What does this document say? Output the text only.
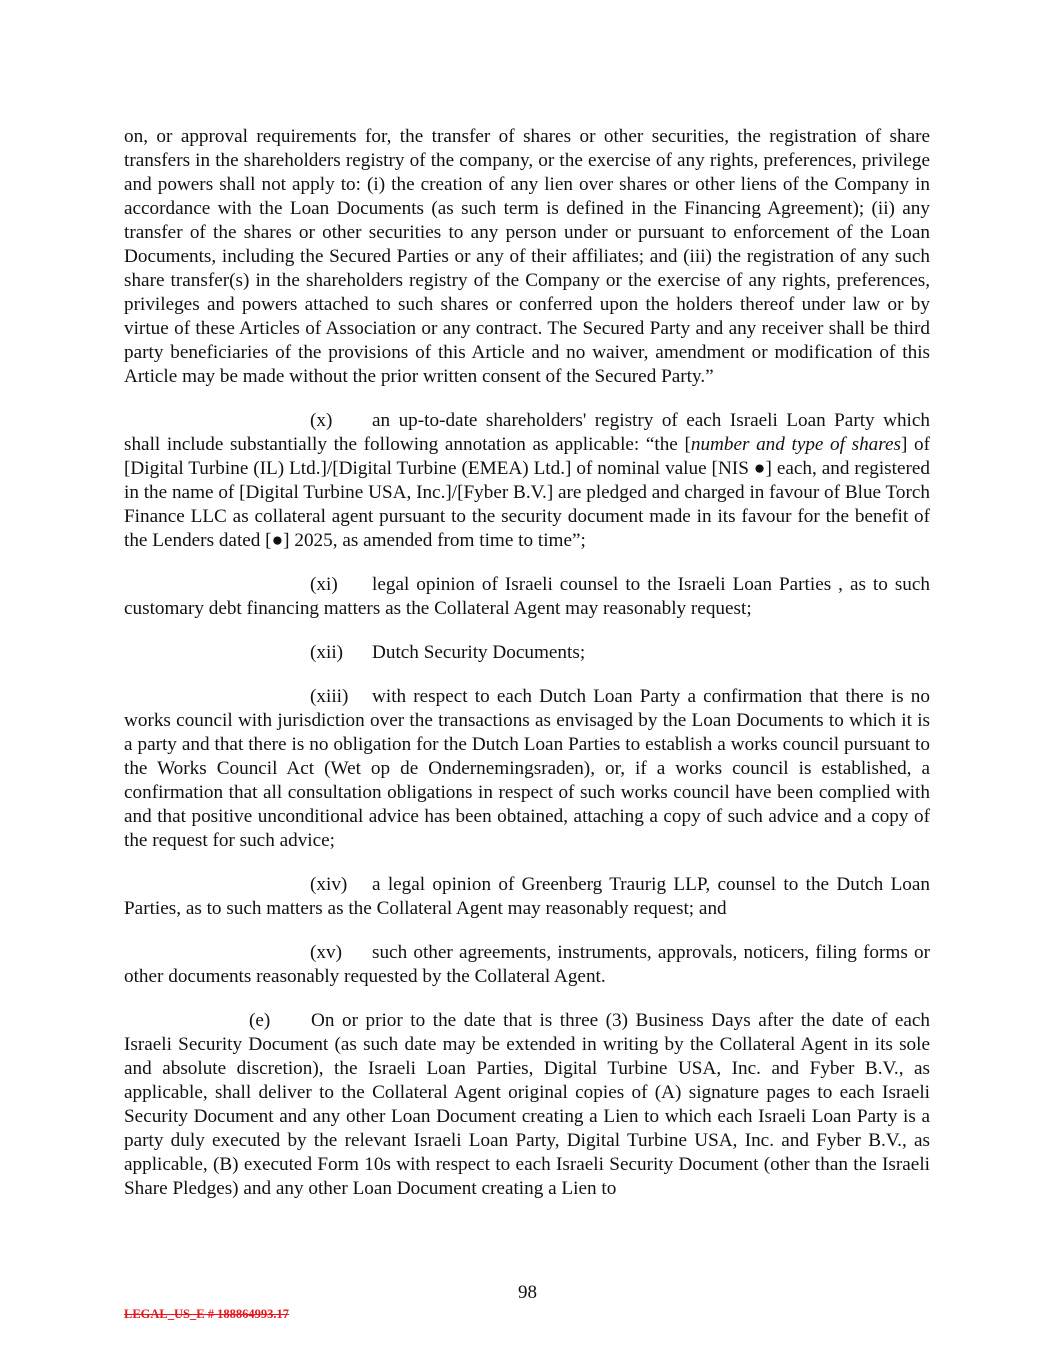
on, or approval requirements for, the transfer of shares or other securities, the registration of share transfers in the shareholders registry of the company, or the exercise of any rights, preferences, privilege and powers shall not apply to: (i) the creation of any lien over shares or other liens of the Company in accordance with the Loan Documents (as such term is defined in the Financing Agreement); (ii) any transfer of the shares or other securities to any person under or pursuant to enforcement of the Loan Documents, including the Secured Parties or any of their affiliates; and (iii) the registration of any such share transfer(s) in the shareholders registry of the Company or the exercise of any rights, preferences, privileges and powers attached to such shares or conferred upon the holders thereof under law or by virtue of these Articles of Association or any contract. The Secured Party and any receiver shall be third party beneficiaries of the provisions of this Article and no waiver, amendment or modification of this Article may be made without the prior written consent of the Secured Party.”

(x) an up-to-date shareholders' registry of each Israeli Loan Party which shall include substantially the following annotation as applicable: “the [number and type of shares] of [Digital Turbine (IL) Ltd.]/[Digital Turbine (EMEA) Ltd.] of nominal value [NIS ●] each, and registered in the name of [Digital Turbine USA, Inc.]/[Fyber B.V.] are pledged and charged in favour of Blue Torch Finance LLC as collateral agent pursuant to the security document made in its favour for the benefit of the Lenders dated [●] 2025, as amended from time to time”;

(xi) legal opinion of Israeli counsel to the Israeli Loan Parties , as to such customary debt financing matters as the Collateral Agent may reasonably request;

(xii) Dutch Security Documents;

(xiii) with respect to each Dutch Loan Party a confirmation that there is no works council with jurisdiction over the transactions as envisaged by the Loan Documents to which it is a party and that there is no obligation for the Dutch Loan Parties to establish a works council pursuant to the Works Council Act (Wet op de Ondernemingsraden), or, if a works council is established, a confirmation that all consultation obligations in respect of such works council have been complied with and that positive unconditional advice has been obtained, attaching a copy of such advice and a copy of the request for such advice;

(xiv) a legal opinion of Greenberg Traurig LLP, counsel to the Dutch Loan Parties, as to such matters as the Collateral Agent may reasonably request; and

(xv) such other agreements, instruments, approvals, noticers, filing forms or other documents reasonably requested by the Collateral Agent.

(e) On or prior to the date that is three (3) Business Days after the date of each Israeli Security Document (as such date may be extended in writing by the Collateral Agent in its sole and absolute discretion), the Israeli Loan Parties, Digital Turbine USA, Inc. and Fyber B.V., as applicable, shall deliver to the Collateral Agent original copies of (A) signature pages to each Israeli Security Document and any other Loan Document creating a Lien to which each Israeli Loan Party is a party duly executed by the relevant Israeli Loan Party, Digital Turbine USA, Inc. and Fyber B.V., as applicable, (B) executed Form 10s with respect to each Israeli Security Document (other than the Israeli Share Pledges) and any other Loan Document creating a Lien to

98
LEGAL_US_E # 188864993.17
